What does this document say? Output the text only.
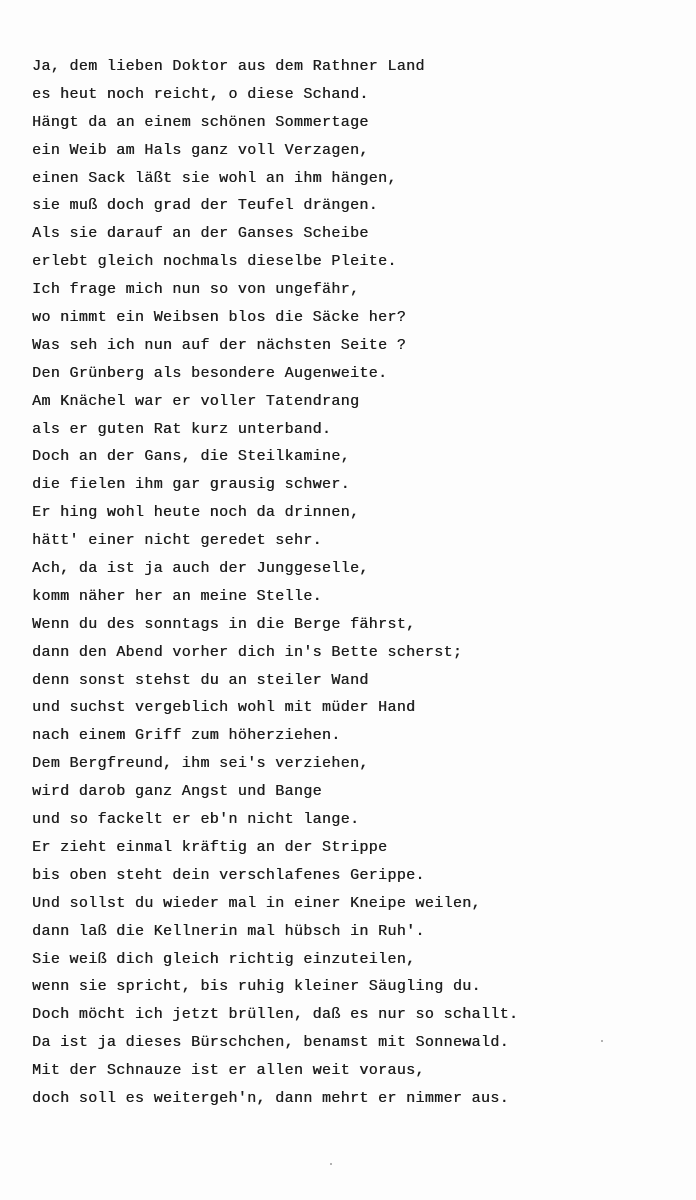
Ja, dem lieben Doktor aus dem Rathner Land
es heut noch reicht, o diese Schand.
Hängt da an einem schönen Sommertage
ein Weib am Hals ganz voll Verzagen,
einen Sack läßt sie wohl an ihm hängen,
sie muß doch grad der Teufel drängen.
Als sie darauf an der Ganses Scheibe
erlebt gleich nochmals dieselbe Pleite.
Ich frage mich nun so von ungefähr,
wo nimmt ein Weibsen blos die Säcke her?
Was seh ich nun auf der nächsten Seite ?
Den Grünberg als besondere Augenweite.
Am Knächel war er voller Tatendrang
als er guten Rat kurz unterband.
Doch an der Gans, die Steilkamine,
die fielen ihm gar grausig schwer.
Er hing wohl heute noch da drinnen,
hätt' einer nicht geredet sehr.
Ach, da ist ja auch der Junggeselle,
komm näher her an meine Stelle.
Wenn du des sonntags in die Berge fährst,
dann den Abend vorher dich in's Bette scherst;
denn sonst stehst du an steiler Wand
und suchst vergeblich wohl mit müder Hand
nach einem Griff zum höherziehen.
Dem Bergfreund, ihm sei's verziehen,
wird darob ganz Angst und Bange
und so fackelt er eb'n nicht lange.
Er zieht einmal kräftig an der Strippe
bis oben steht dein verschlafenes Gerippe.
Und sollst du wieder mal in einer Kneipe weilen,
dann laß die Kellnerin mal hübsch in Ruh'.
Sie weiß dich gleich richtig einzuteilen,
wenn sie spricht, bis ruhig kleiner Säugling du.
Doch möcht ich jetzt brüllen, daß es nur so schallt.
Da ist ja dieses Bürschchen, benamst mit Sonnewald.
Mit der Schnauze ist er allen weit voraus,
doch soll es weitergeh'n, dann mehrt er nimmer aus.
